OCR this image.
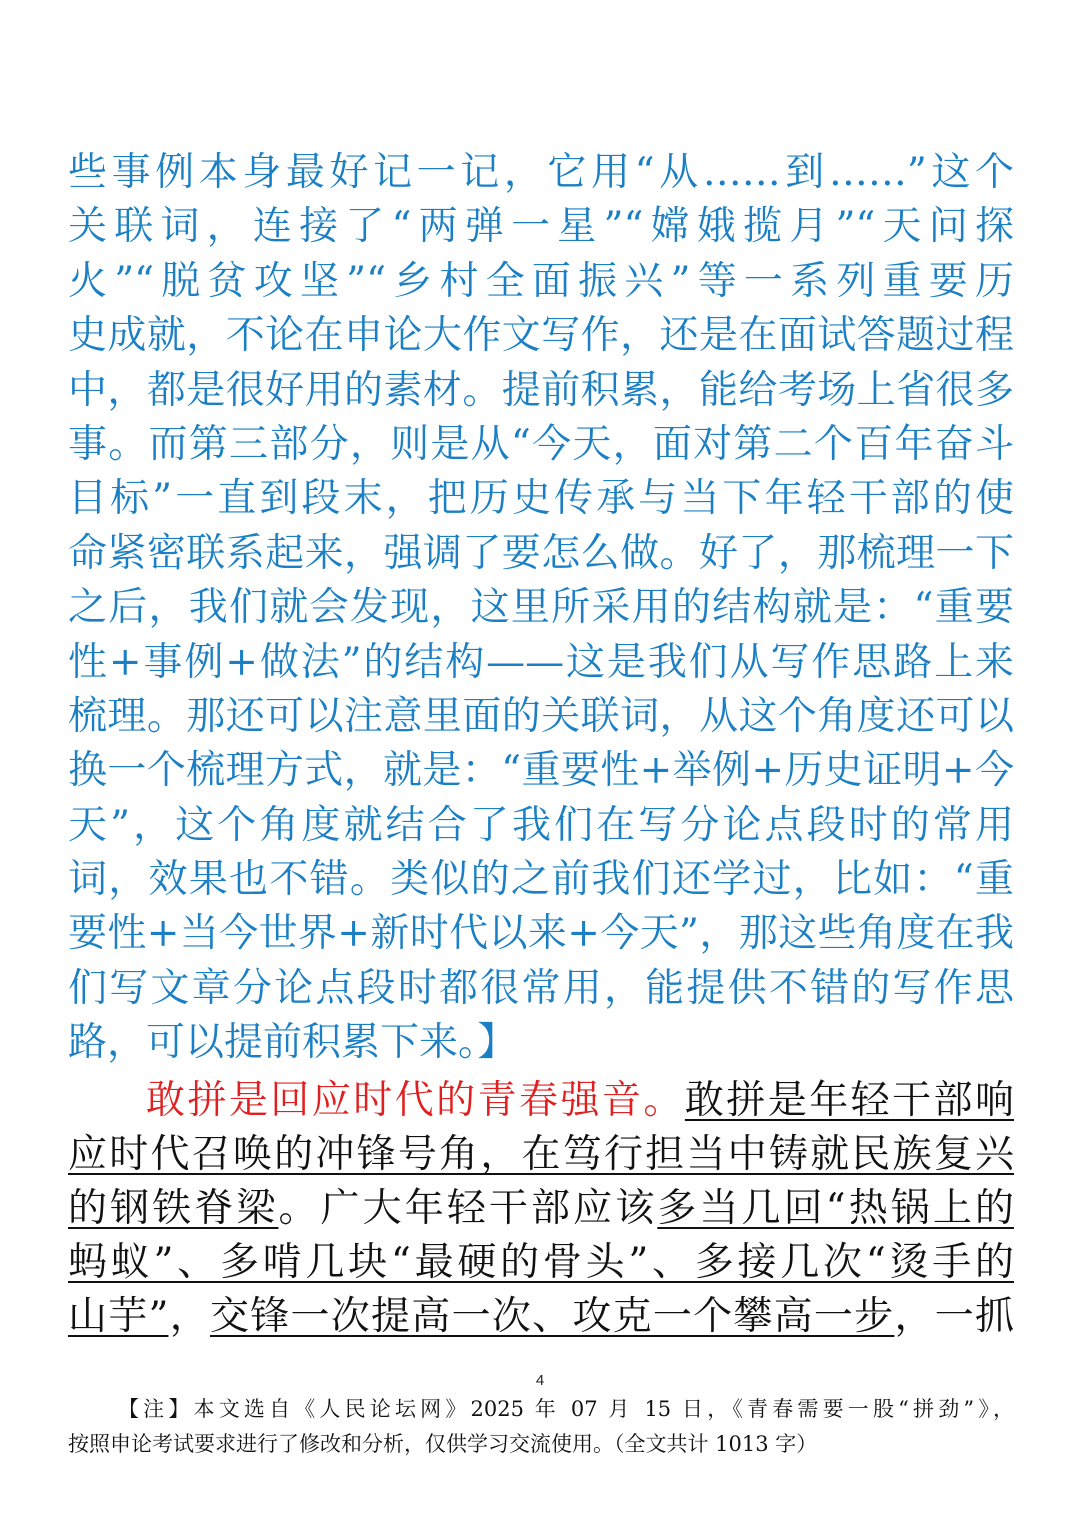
些事例本身最好记一记，它用“从……到……”这个
关联词，连接了“两弹一星”“嫦娥揽月”“天问探
火”“脱贫攻坚”“乡村全面振兴”等一系列重要历
史成就，不论在申论大作文写作，还是在面试答题过程
中，都是很好用的素材。提前积累，能给考场上省很多
事。而第三部分，则是从“今天，面对第二个百年奋斗
目标”一直到段末，把历史传承与当下年轻干部的使
命紧密联系起来，强调了要怎么做。好了，那梳理一下
之后，我们就会发现，这里所采用的结构就是：“重要
性+事例+做法”的结构——这是我们从写作思路上来
梳理。那还可以注意里面的关联词，从这个角度还可以
换一个梳理方式，就是：“重要性+举例+历史证明+今
天”，这个角度就结合了我们在写分论点段时的常用
词，效果也不错。类似的之前我们还学过，比如：“重
要性+当今世界+新时代以来+今天”，那这些角度在我
们写文章分论点段时都很常用，能提供不错的写作思
路，可以提前积累下来。】
敢拼是回应时代的青春强音。敢拼是年轻干部响
应时代召唤的冲锋号角，在笃行担当中铸就民族复兴
的钢铁脊梁。广大年轻干部应该多当几回“热锅上的
蚂蚁”、多啃几块“最硬的骨头”、多接几次“烫手的
山芋”，交锋一次提高一次、攻克一个攀高一步，一抓
4
【注】本文选自《人民论坛网》2025 年 07 月 15 日，《青春需要一股“拼劲”》，
按照申论考试要求进行了修改和分析，仅供学习交流使用。（全文共计 1013 字）
